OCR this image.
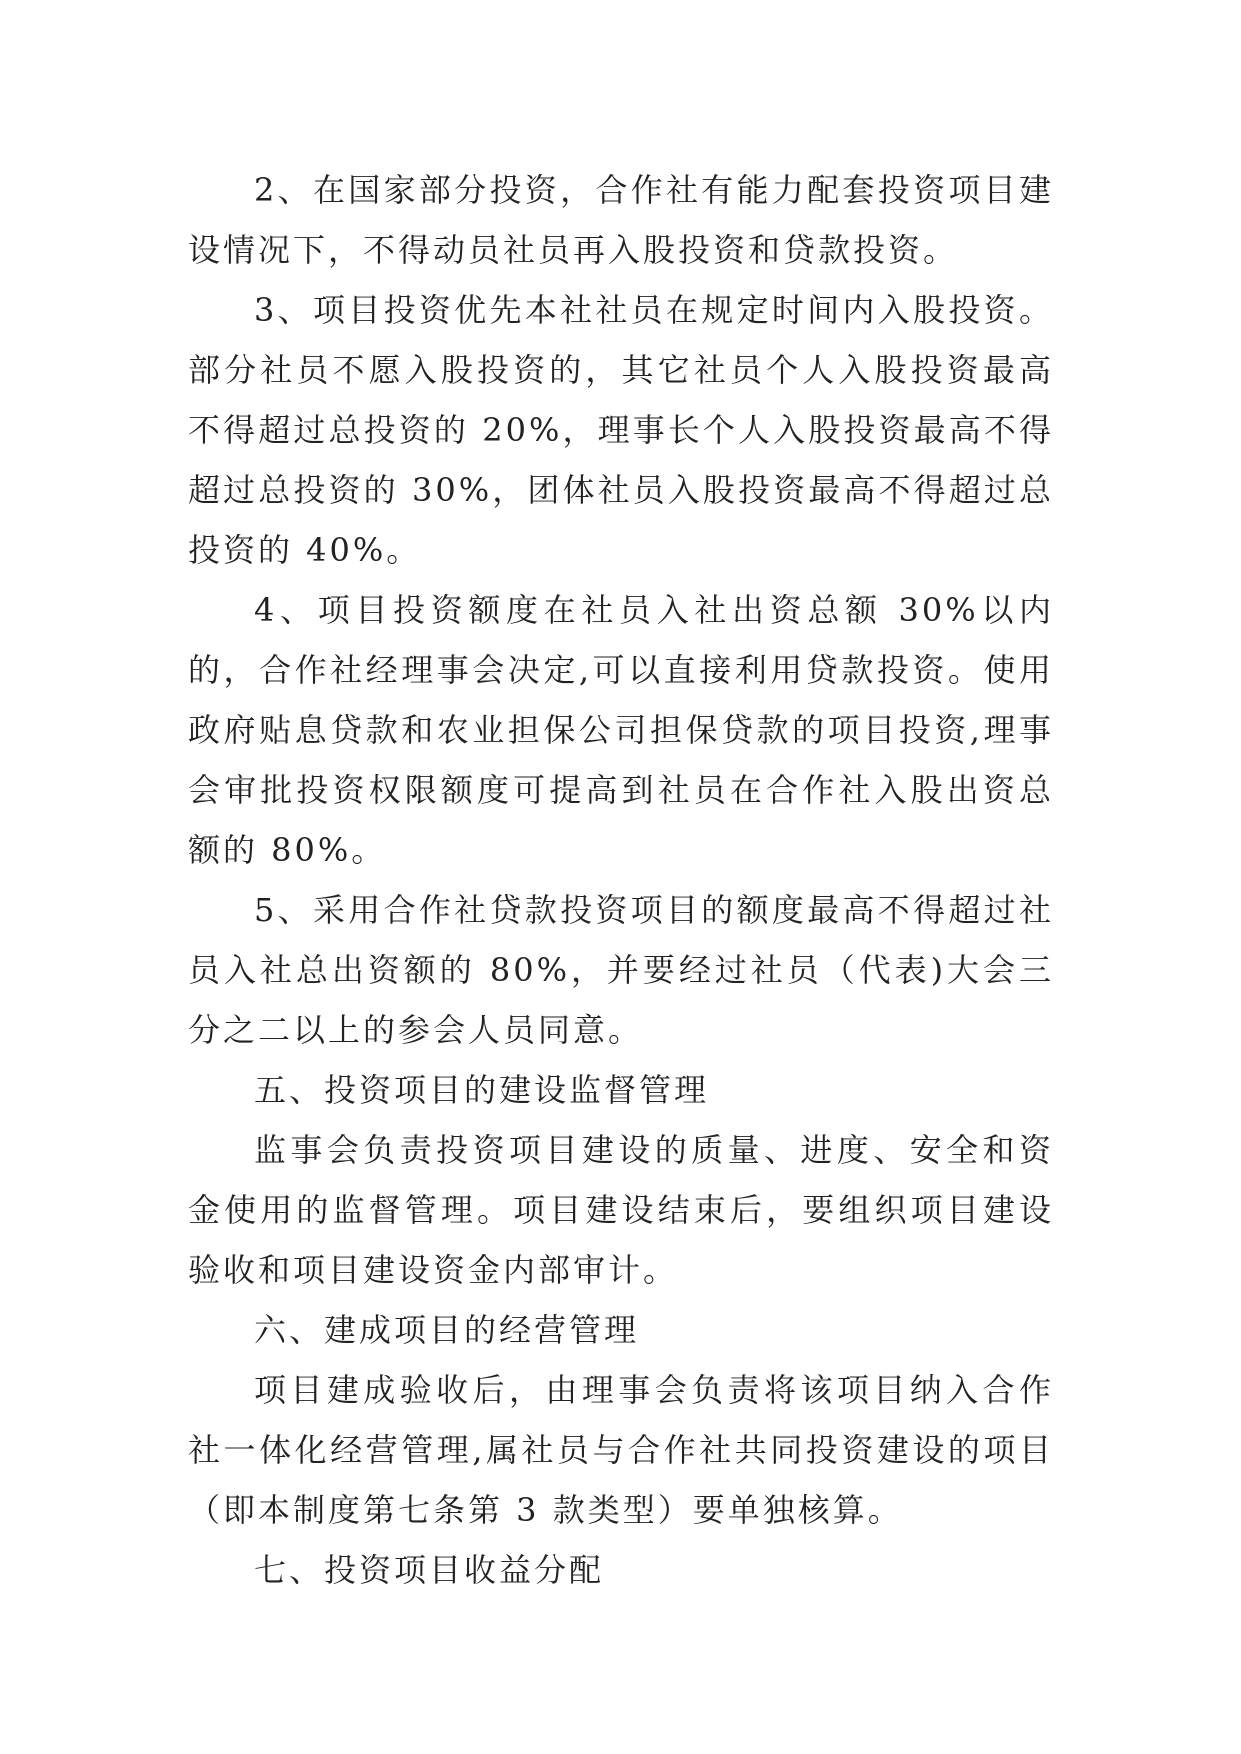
2、在国家部分投资，合作社有能力配套投资项目建设情况下，不得动员社员再入股投资和贷款投资。

3、项目投资优先本社社员在规定时间内入股投资。部分社员不愿入股投资的，其它社员个人入股投资最高不得超过总投资的 20%，理事长个人入股投资最高不得超过总投资的 30%，团体社员入股投资最高不得超过总投资的 40%。

4、项目投资额度在社员入社出资总额 30%以内的，合作社经理事会决定,可以直接利用贷款投资。使用政府贴息贷款和农业担保公司担保贷款的项目投资,理事会审批投资权限额度可提高到社员在合作社入股出资总额的 80%。

5、采用合作社贷款投资项目的额度最高不得超过社员入社总出资额的 80%，并要经过社员（代表)大会三分之二以上的参会人员同意。

五、投资项目的建设监督管理

监事会负责投资项目建设的质量、进度、安全和资金使用的监督管理。项目建设结束后，要组织项目建设验收和项目建设资金内部审计。

六、建成项目的经营管理

项目建成验收后，由理事会负责将该项目纳入合作社一体化经营管理,属社员与合作社共同投资建设的项目（即本制度第七条第 3 款类型）要单独核算。

七、投资项目收益分配
